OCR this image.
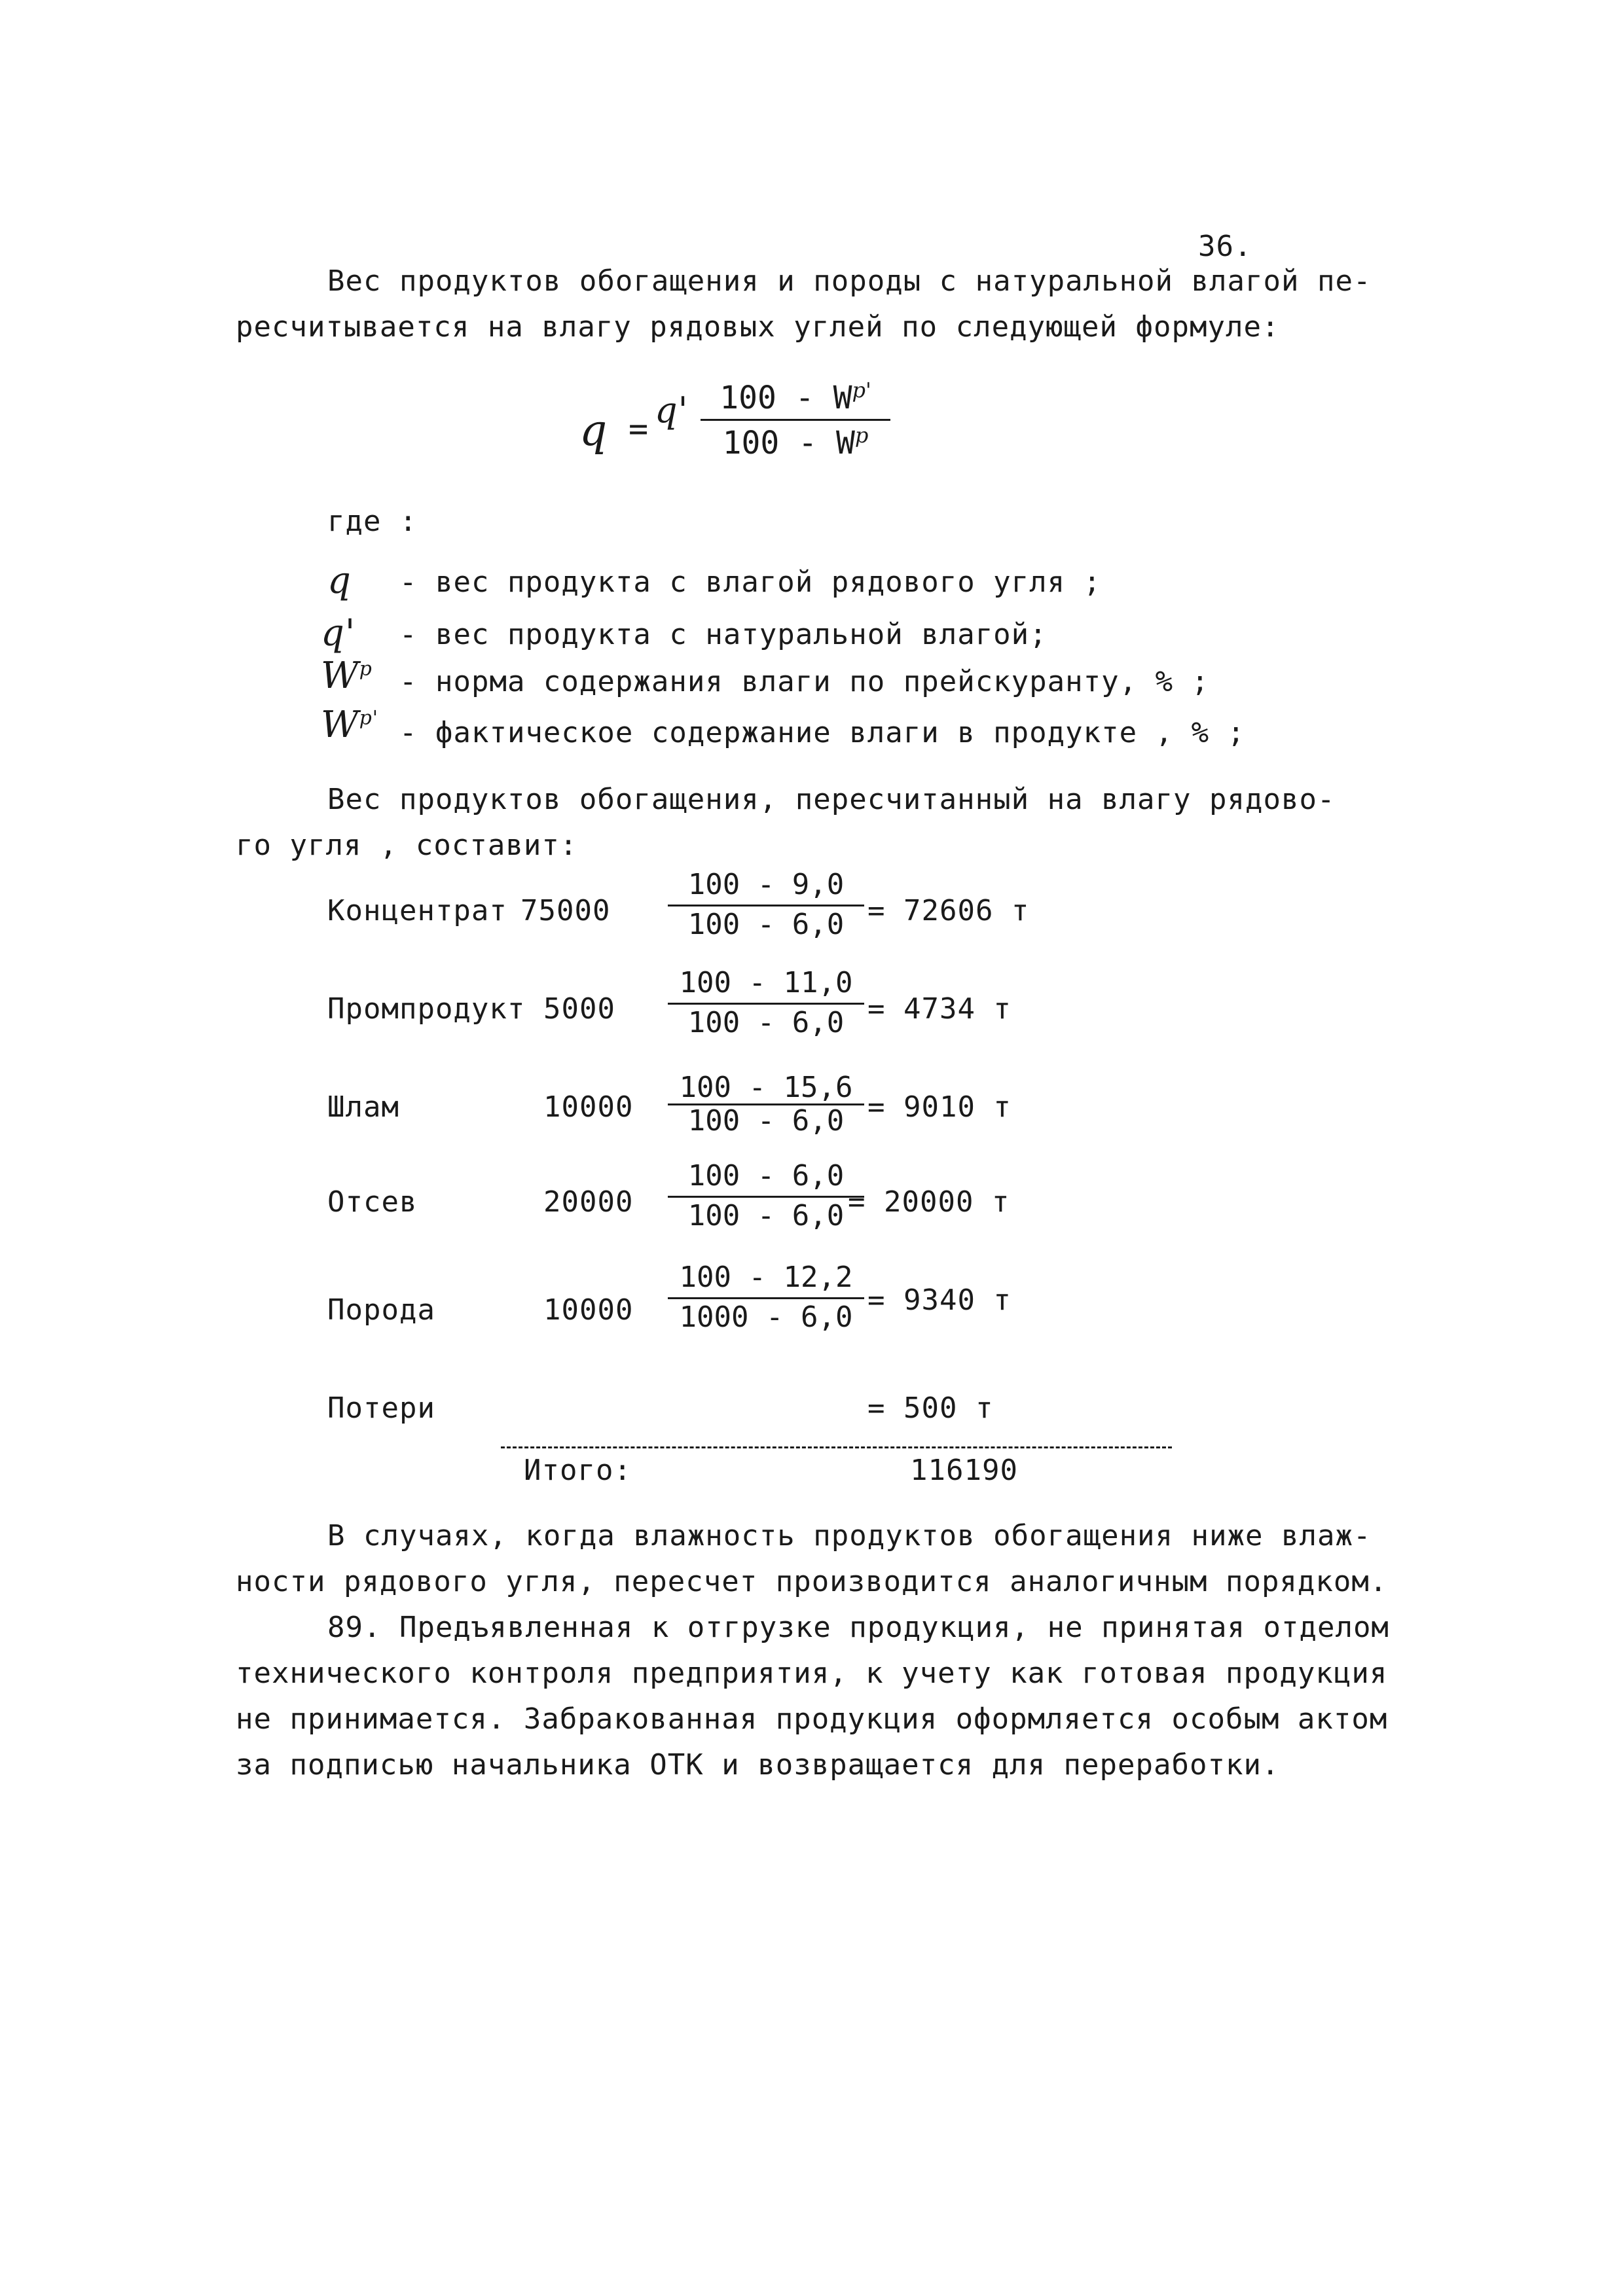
36.
Вес продуктов обогащения и породы с натуральной влагой пе-
ресчитывается на влагу рядовых углей по следующей формуле:
q = q' $100 - W^{p'}$
$100 - W^p$
где :
q - вес продукта с влагой рядового угля ;
q' - вес продукта с натуральной влагой;
$W^p$ - норма содержания влаги по прейскуранту, % ;
$W^{p'}$ - фактическое содержание влаги в продукте , % ;
Вес продуктов обогащения, пересчитанный на влагу рядово-
го угля , составит:
Концентрат 75000
100 - 9,0
100 - 6,0 = 72606 т
Промпродукт 5000
100 - 11,0
100 - 6,0 = 4734 т
Шлам	10000
100 - 15,6
100 - 6,0 = 9010 т
Отсев	20000
100 - 6,0
100 - 6,0 = 20000 т
Порода	10000
100 - 12,2
1000 - 6,0
= 9340 т
Потери	= 500 т
Итого:	116190
В случаях, когда влажность продуктов обогащения ниже влаж-
ности рядового угля, пересчет производится аналогичным порядком.
89. Предъявленная к отгрузке продукция, не принятая отделом
технического контроля предприятия, к учету как готовая продукция
не принимается. Забракованная продукция оформляется особым актом
за подписью начальника ОТК и возвращается для переработки.
